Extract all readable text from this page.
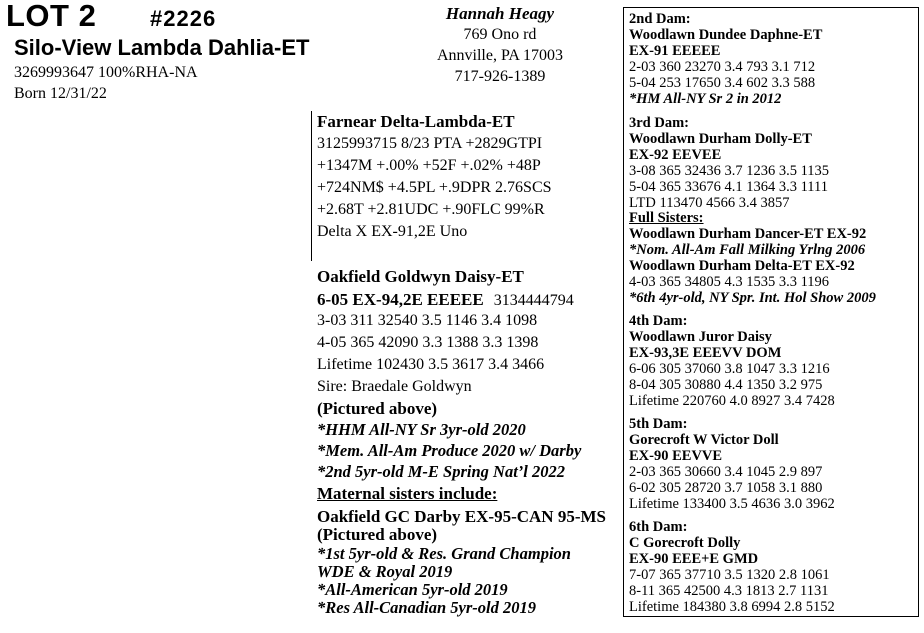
LOT 2 #2226
Silo-View Lambda Dahlia-ET
3269993647 100%RHA-NA
Born 12/31/22
Hannah Heagy
769 Ono rd
Annville, PA 17003
717-926-1389
Farnear Delta-Lambda-ET
3125993715 8/23 PTA +2829GTPI
+1347M +.00% +52F +.02% +48P
+724NM$ +4.5PL +.9DPR 2.76SCS
+2.68T +2.81UDC +.90FLC 99%R
Delta X EX-91,2E Uno
Oakfield Goldwyn Daisy-ET
6-05 EX-94,2E EEEEE 3134444794
3-03 311 32540 3.5 1146 3.4 1098
4-05 365 42090 3.3 1388 3.3 1398
Lifetime 102430 3.5 3617 3.4 3466
Sire: Braedale Goldwyn
(Pictured above)
*HHM All-NY Sr 3yr-old 2020
*Mem. All-Am Produce 2020 w/ Darby
*2nd 5yr-old M-E Spring Nat’l 2022
Maternal sisters include:
Oakfield GC Darby EX-95-CAN 95-MS
(Pictured above)
*1st 5yr-old & Res. Grand Champion
WDE & Royal 2019
*All-American 5yr-old 2019
*Res All-Canadian 5yr-old 2019
2nd Dam:
Woodlawn Dundee Daphne-ET
EX-91 EEEEE
2-03 360 23270 3.4 793 3.1 712
5-04 253 17650 3.4 602 3.3 588
*HM All-NY Sr 2 in 2012
3rd Dam:
Woodlawn Durham Dolly-ET
EX-92 EEVEE
3-08 365 32436 3.7 1236 3.5 1135
5-04 365 33676 4.1 1364 3.3 1111
LTD 113470 4566 3.4 3857
Full Sisters:
Woodlawn Durham Dancer-ET EX-92
*Nom. All-Am Fall Milking Yrlng 2006
Woodlawn Durham Delta-ET EX-92
4-03 365 34805 4.3 1535 3.3 1196
*6th 4yr-old, NY Spr. Int. Hol Show 2009
4th Dam:
Woodlawn Juror Daisy
EX-93,3E EEEVV DOM
6-06 305 37060 3.8 1047 3.3 1216
8-04 305 30880 4.4 1350 3.2 975
Lifetime 220760 4.0 8927 3.4 7428
5th Dam:
Gorecroft W Victor Doll
EX-90 EEVVE
2-03 365 30660 3.4 1045 2.9 897
6-02 305 28720 3.7 1058 3.1 880
Lifetime 133400 3.5 4636 3.0 3962
6th Dam:
C Gorecroft Dolly
EX-90 EEE+E GMD
7-07 365 37710 3.5 1320 2.8 1061
8-11 365 42500 4.3 1813 2.7 1131
Lifetime 184380 3.8 6994 2.8 5152
